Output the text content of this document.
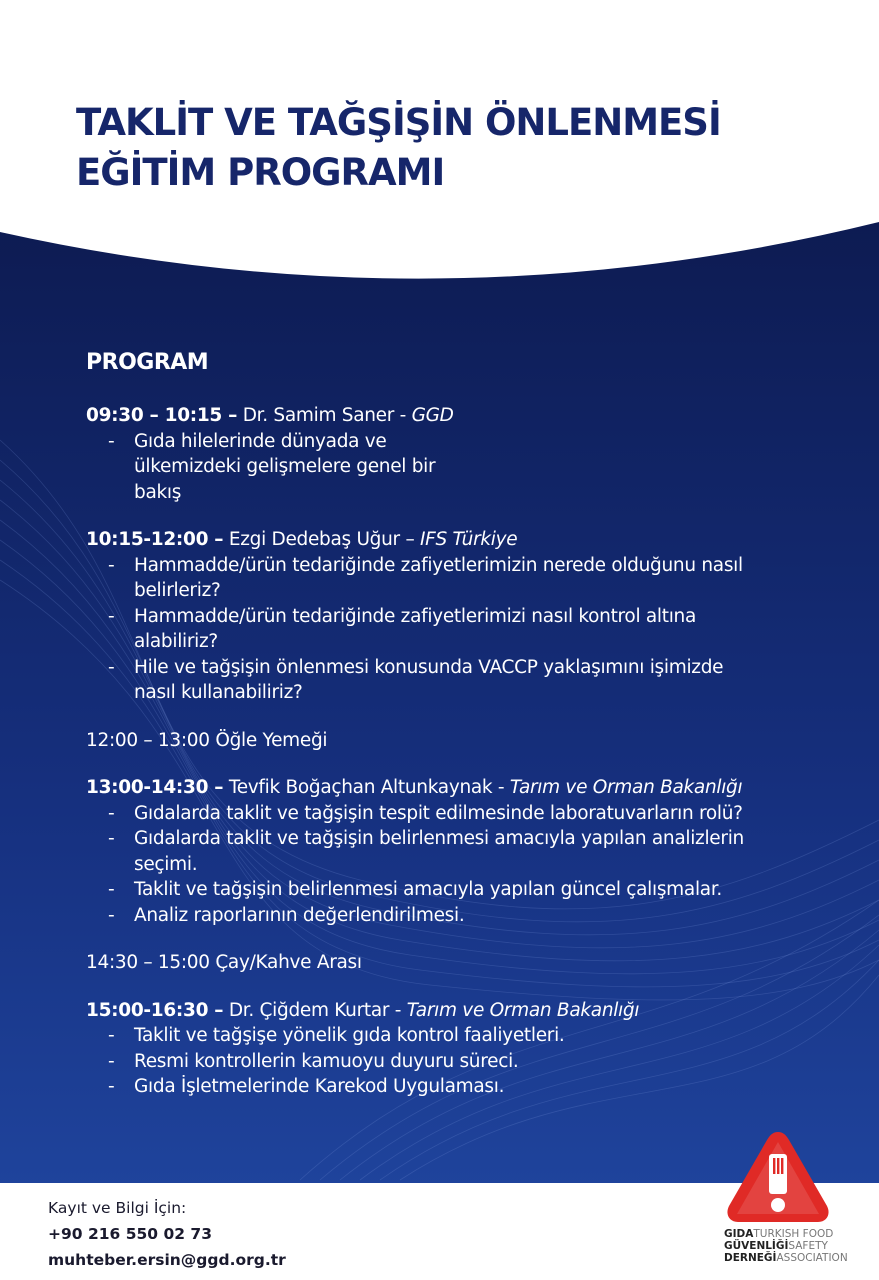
TAKLİT VE TAĞŞİŞİN ÖNLENMESİ
EĞİTİM PROGRAMI
PROGRAM
09:30 – 10:15 – Dr. Samim Saner - GGD
- Gıda hilelerinde dünyada ve ülkemizdeki gelişmelere genel bir bakış
10:15-12:00 – Ezgi Dedebaş Uğur – IFS Türkiye
- Hammadde/ürün tedariğinde zafiyetlerimizin nerede olduğunu nasıl belirleriz?
- Hammadde/ürün tedariğinde zafiyetlerimizi nasıl kontrol altına alabiliriz?
- Hile ve tağşişin önlenmesi konusunda VACCP yaklaşımını işimizde nasıl kullanabiliriz?
12:00 – 13:00 Öğle Yemeği
13:00-14:30 – Tevfik Boğaçhan Altunkaynak - Tarım ve Orman Bakanlığı
- Gıdalarda taklit ve tağşişin tespit edilmesinde laboratuvarların rolü?
- Gıdalarda taklit ve tağşişin belirlenmesi amacıyla yapılan analizlerin seçimi.
- Taklit ve tağşişin belirlenmesi amacıyla yapılan güncel çalışmalar.
- Analiz raporlarının değerlendirilmesi.
14:30 – 15:00 Çay/Kahve Arası
15:00-16:30 – Dr. Çiğdem Kurtar - Tarım ve Orman Bakanlığı
- Taklit ve tağşişe yönelik gıda kontrol faaliyetleri.
- Resmi kontrollerin kamuoyu duyuru süreci.
- Gıda İşletmelerinde Karekod Uygulaması.
Kayıt ve Bilgi İçin:
+90 216 550 02 73
muhteber.ersin@ggd.org.tr
GIDATURKISH FOOD
GÜVENLİĞİSAFETY
DERNEĞİASSOCIATION
